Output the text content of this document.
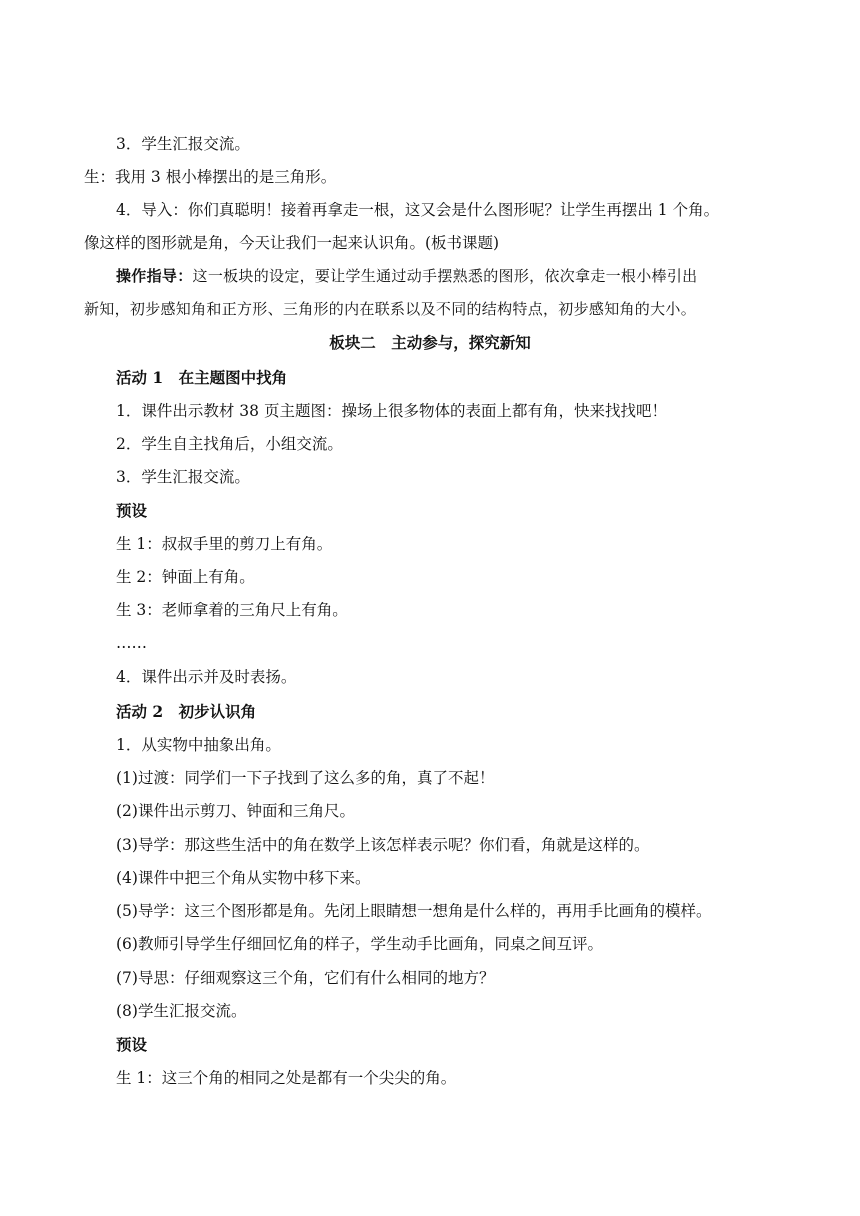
3．学生汇报交流。
生：我用 3 根小棒摆出的是三角形。
4．导入：你们真聪明！接着再拿走一根，这又会是什么图形呢？让学生再摆出 1 个角。
像这样的图形就是角，今天让我们一起来认识角。(板书课题)
操作指导：这一板块的设定，要让学生通过动手摆熟悉的图形，依次拿走一根小棒引出
新知，初步感知角和正方形、三角形的内在联系以及不同的结构特点，初步感知角的大小。
板块二　主动参与，探究新知
活动 1　在主题图中找角
1．课件出示教材 38 页主题图：操场上很多物体的表面上都有角，快来找找吧！
2．学生自主找角后，小组交流。
3．学生汇报交流。
预设
生 1：叔叔手里的剪刀上有角。
生 2：钟面上有角。
生 3：老师拿着的三角尺上有角。
……
4．课件出示并及时表扬。
活动 2　初步认识角
1．从实物中抽象出角。
(1)过渡：同学们一下子找到了这么多的角，真了不起！
(2)课件出示剪刀、钟面和三角尺。
(3)导学：那这些生活中的角在数学上该怎样表示呢？你们看，角就是这样的。
(4)课件中把三个角从实物中移下来。
(5)导学：这三个图形都是角。先闭上眼睛想一想角是什么样的，再用手比画角的模样。
(6)教师引导学生仔细回忆角的样子，学生动手比画角，同桌之间互评。
(7)导思：仔细观察这三个角，它们有什么相同的地方？
(8)学生汇报交流。
预设
生 1：这三个角的相同之处是都有一个尖尖的角。
